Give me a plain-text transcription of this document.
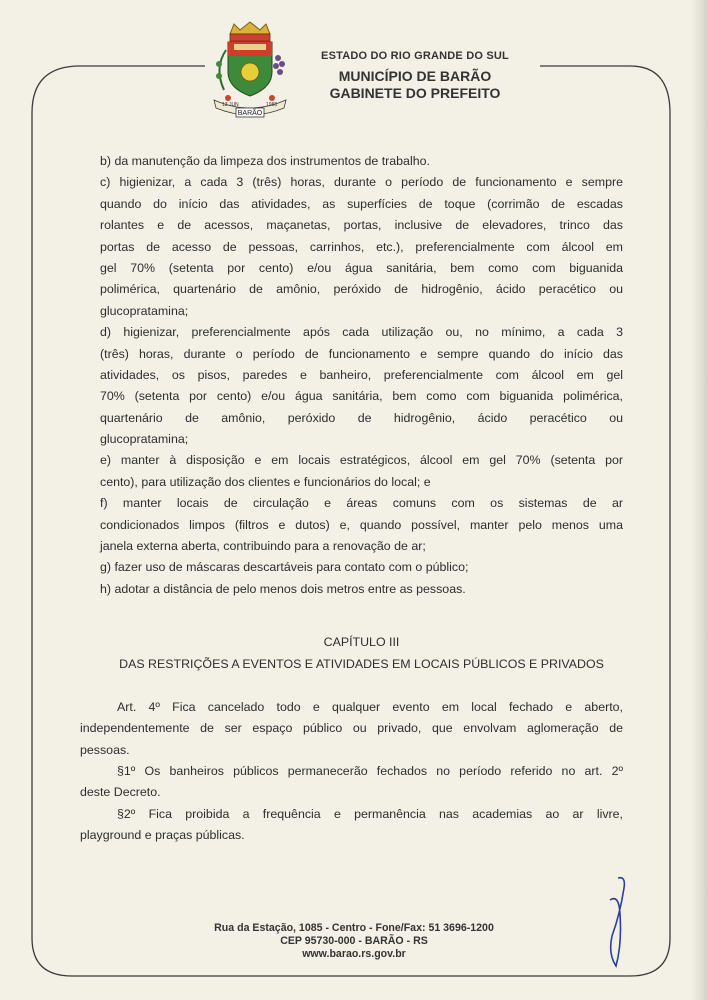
13 JUN	1988
BARÃO
ESTADO DO RIO GRANDE DO SUL
MUNICÍPIO DE BARÃO
GABINETE DO PREFEITO
b) da manutenção da limpeza dos instrumentos de trabalho.
c) higienizar, a cada 3 (três) horas, durante o período de funcionamento e sempre
quando do início das atividades, as superfícies de toque (corrimão de escadas
rolantes e de acessos, maçanetas, portas, inclusive de elevadores, trinco das
portas de acesso de pessoas, carrinhos, etc.), preferencialmente com álcool em
gel 70% (setenta por cento) e/ou água sanitária, bem como com biguanida
polimérica, quartenário de amônio, peróxido de hidrogênio, ácido peracético ou
glucopratamina;
d) higienizar, preferencialmente após cada utilização ou, no mínimo, a cada 3
(três) horas, durante o período de funcionamento e sempre quando do início das
atividades, os pisos, paredes e banheiro, preferencialmente com álcool em gel
70% (setenta por cento) e/ou água sanitária, bem como com biguanida polimérica,
quartenário de amônio, peróxido de hidrogênio, ácido peracético ou
glucopratamina;
e) manter à disposição e em locais estratégicos, álcool em gel 70% (setenta por
cento), para utilização dos clientes e funcionários do local; e
f) manter locais de circulação e áreas comuns com os sistemas de ar
condicionados limpos (filtros e dutos) e, quando possível, manter pelo menos uma
janela externa aberta, contribuindo para a renovação de ar;
g) fazer uso de máscaras descartáveis para contato com o público;
h) adotar a distância de pelo menos dois metros entre as pessoas.
CAPÍTULO III
DAS RESTRIÇÕES A EVENTOS E ATIVIDADES EM LOCAIS PÚBLICOS E PRIVADOS
Art. 4º Fica cancelado todo e qualquer evento em local fechado e aberto,
independentemente de ser espaço público ou privado, que envolvam aglomeração de
pessoas.
§1º Os banheiros públicos permanecerão fechados no período referido no art. 2º
deste Decreto.
§2º Fica proibida a frequência e permanência nas academias ao ar livre,
playground e praças públicas.
Rua da Estação, 1085 - Centro - Fone/Fax: 51 3696-1200
CEP 95730-000 - BARÃO - RS
www.barao.rs.gov.br
